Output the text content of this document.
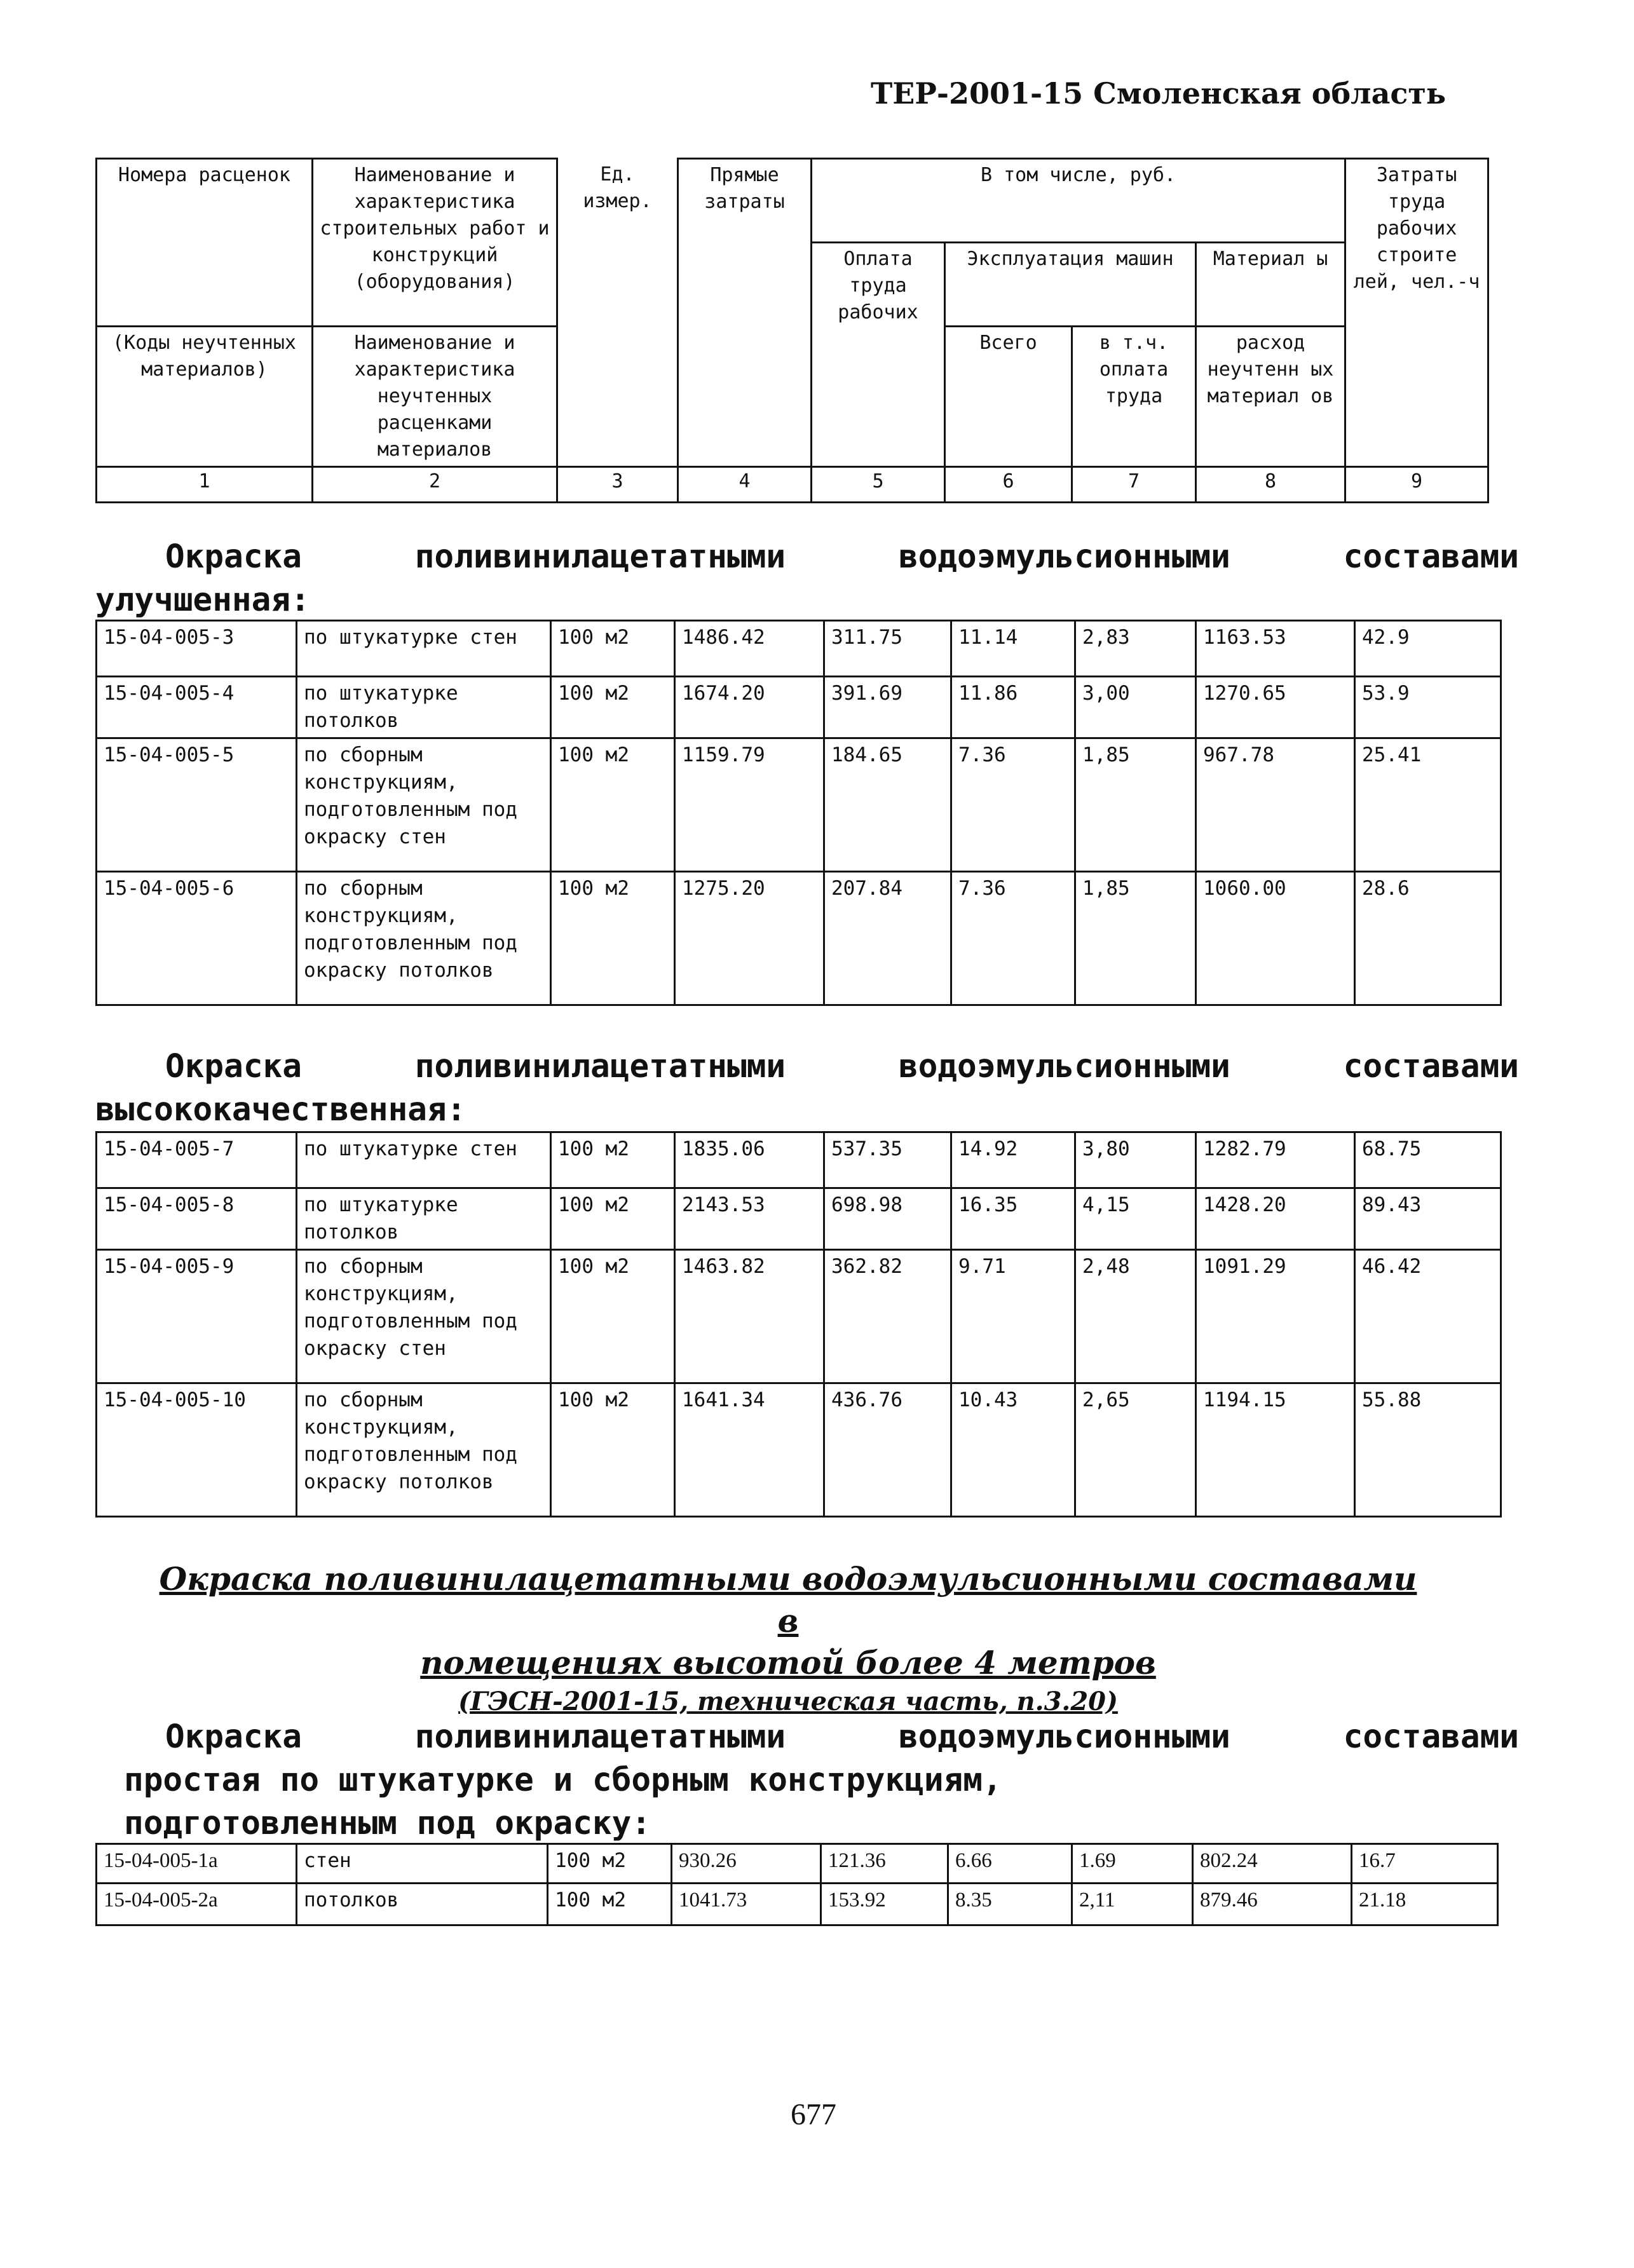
ТЕР-2001-15 Смоленская область
Номера расценок	Наименование и характеристика строительных работ и конструкций (оборудования)	Ед. измер.	Прямые затраты	В том числе, руб.				Затраты труда рабочих строите лей, чел.-ч
				Оплата труда рабочих	Эксплуатация машин		Материал ы	
(Коды неучтенных материалов)	Наименование и характеристика неучтенных расценками материалов				Всего	в т.ч. оплата труда	расход неучтенн ых материал ов	
1	2	3	4	5	6	7	8	9
Окраска поливинилацетатными водоэмульсионными составами
улучшенная:
15-04-005-3	по штукатурке стен	100 м2	1486.42	311.75	11.14	2,83	1163.53	42.9
15-04-005-4	по штукатурке потолков	100 м2	1674.20	391.69	11.86	3,00	1270.65	53.9
15-04-005-5	по сборным конструкциям, подготовленным под окраску стен	100 м2	1159.79	184.65	7.36	1,85	967.78	25.41
15-04-005-6	по сборным конструкциям, подготовленным под окраску потолков	100 м2	1275.20	207.84	7.36	1,85	1060.00	28.6
Окраска поливинилацетатными водоэмульсионными составами
высококачественная:
15-04-005-7	по штукатурке стен	100 м2	1835.06	537.35	14.92	3,80	1282.79	68.75
15-04-005-8	по штукатурке потолков	100 м2	2143.53	698.98	16.35	4,15	1428.20	89.43
15-04-005-9	по сборным конструкциям, подготовленным под окраску стен	100 м2	1463.82	362.82	9.71	2,48	1091.29	46.42
15-04-005-10	по сборным конструкциям, подготовленным под окраску потолков	100 м2	1641.34	436.76	10.43	2,65	1194.15	55.88
Окраска поливинилацетатными водоэмульсионными составами в
помещениях высотой более 4 метров
(ГЭСН-2001-15, техническая часть, п.3.20)
Окраска поливинилацетатными водоэмульсионными составами
простая по штукатурке и сборным конструкциям,
подготовленным под окраску:
15-04-005-1а	стен	100 м2	930.26	121.36	6.66	1.69	802.24	16.7
15-04-005-2а	потолков	100 м2	1041.73	153.92	8.35	2,11	879.46	21.18
677
